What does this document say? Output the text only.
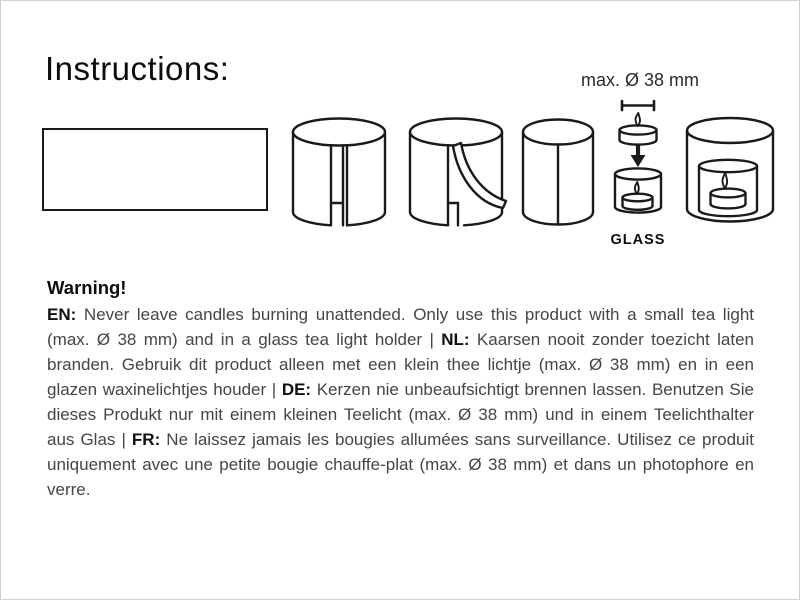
Instructions:	max. Ø 38 mm
GLASS
Warning!

EN: Never leave candles burning unattended. Only use this product with a small tea light (max. Ø 38 mm) and in a glass tea light holder | NL: Kaarsen nooit zonder toezicht laten branden. Gebruik dit product alleen met een klein thee lichtje (max. Ø 38 mm) en in een glazen waxinelichtjes houder | DE: Kerzen nie unbeaufsichtigt brennen lassen. Benutzen Sie dieses Produkt nur mit einem kleinen Teelicht (max. Ø 38 mm) und in einem Teelichthalter aus Glas | FR: Ne laissez jamais les bougies allumées sans surveillance. Utilisez ce produit uniquement avec une petite bougie chauffe-plat (max. Ø 38 mm) et dans un photophore en verre.
